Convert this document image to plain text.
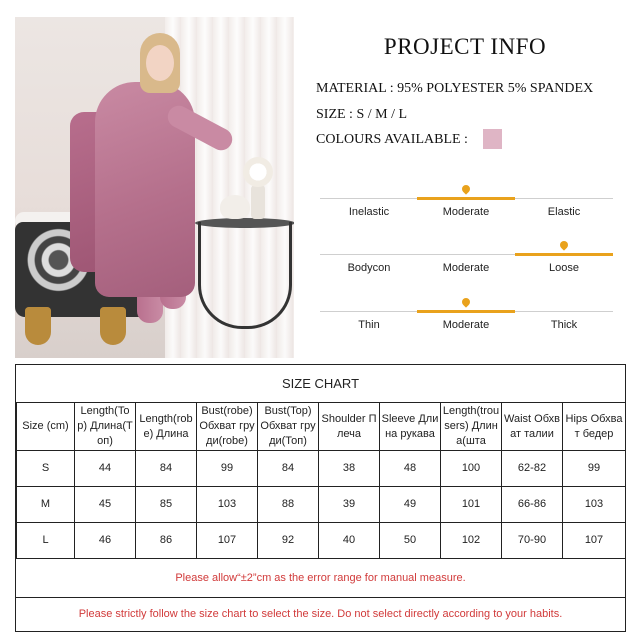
PROJECT INFO
MATERIAL : 95% POLYESTER 5% SPANDEX
SIZE : S / M / L
COLOURS AVAILABLE :
Inelastic	Moderate	Elastic
Bodycon	Moderate	Loose
Thin	Moderate	Thick
SIZE CHART
Size (cm)	Length(Top) Длина(Топ)	Length(robe) Длина	Bust(robe) Обхват груди(robe)	Bust(Top) Обхват груди(Топ)	Shoulder Плеча	Sleeve Длина рукава	Length(trousers) Длина(шта	Waist Обхват талии	Hips Обхват бедер
S	44	84	99	84	38	48	100	62-82	99
M	45	85	103	88	39	49	101	66-86	103
L	46	86	107	92	40	50	102	70-90	107
Please allow“±2”cm as the error range for manual measure.
Please strictly follow the size chart to select the size. Do not select directly according to your habits.
